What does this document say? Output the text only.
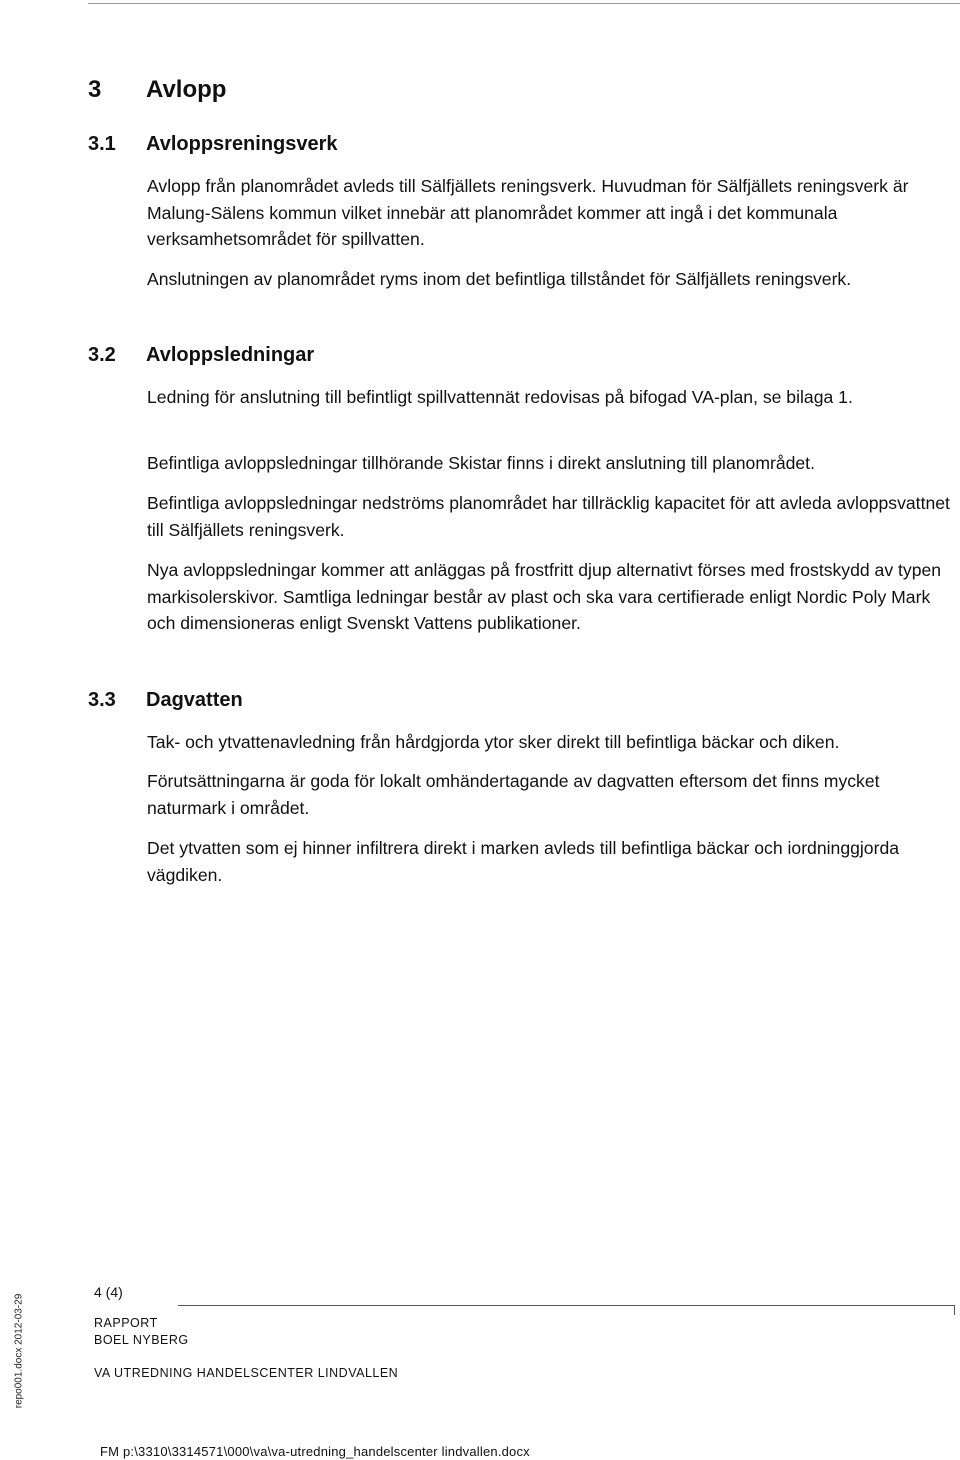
3 Avlopp
3.1 Avloppsreningsverk

Avlopp från planområdet avleds till Sälfjällets reningsverk. Huvudman för Sälfjällets reningsverk är Malung-Sälens kommun vilket innebär att planområdet kommer att ingå i det kommunala verksamhetsområdet för spillvatten.

Anslutningen av planområdet ryms inom det befintliga tillståndet för Sälfjällets reningsverk.

3.2 Avloppsledningar

Ledning för anslutning till befintligt spillvattennät redovisas på bifogad VA-plan, se bilaga 1.

Befintliga avloppsledningar tillhörande Skistar finns i direkt anslutning till planområdet.

Befintliga avloppsledningar nedströms planområdet har tillräcklig kapacitet för att avleda avloppsvattnet till Sälfjällets reningsverk.

Nya avloppsledningar kommer att anläggas på frostfritt djup alternativt förses med frostskydd av typen markisolerskivor. Samtliga ledningar består av plast och ska vara certifierade enligt Nordic Poly Mark och dimensioneras enligt Svenskt Vattens publikationer.

3.3 Dagvatten

Tak- och ytvattenavledning från hårdgjorda ytor sker direkt till befintliga bäckar och diken.

Förutsättningarna är goda för lokalt omhändertagande av dagvatten eftersom det finns mycket naturmark i området.

Det ytvatten som ej hinner infiltrera direkt i marken avleds till befintliga bäckar och iordninggjorda vägdiken.

4 (4)
RAPPORT
BOEL NYBERG
VA UTREDNING HANDELSCENTER LINDVALLEN
FM p:\3310\3314571\000\va\va-utredning_handelscenter lindvallen.docx
repo001.docx 2012-03-29
